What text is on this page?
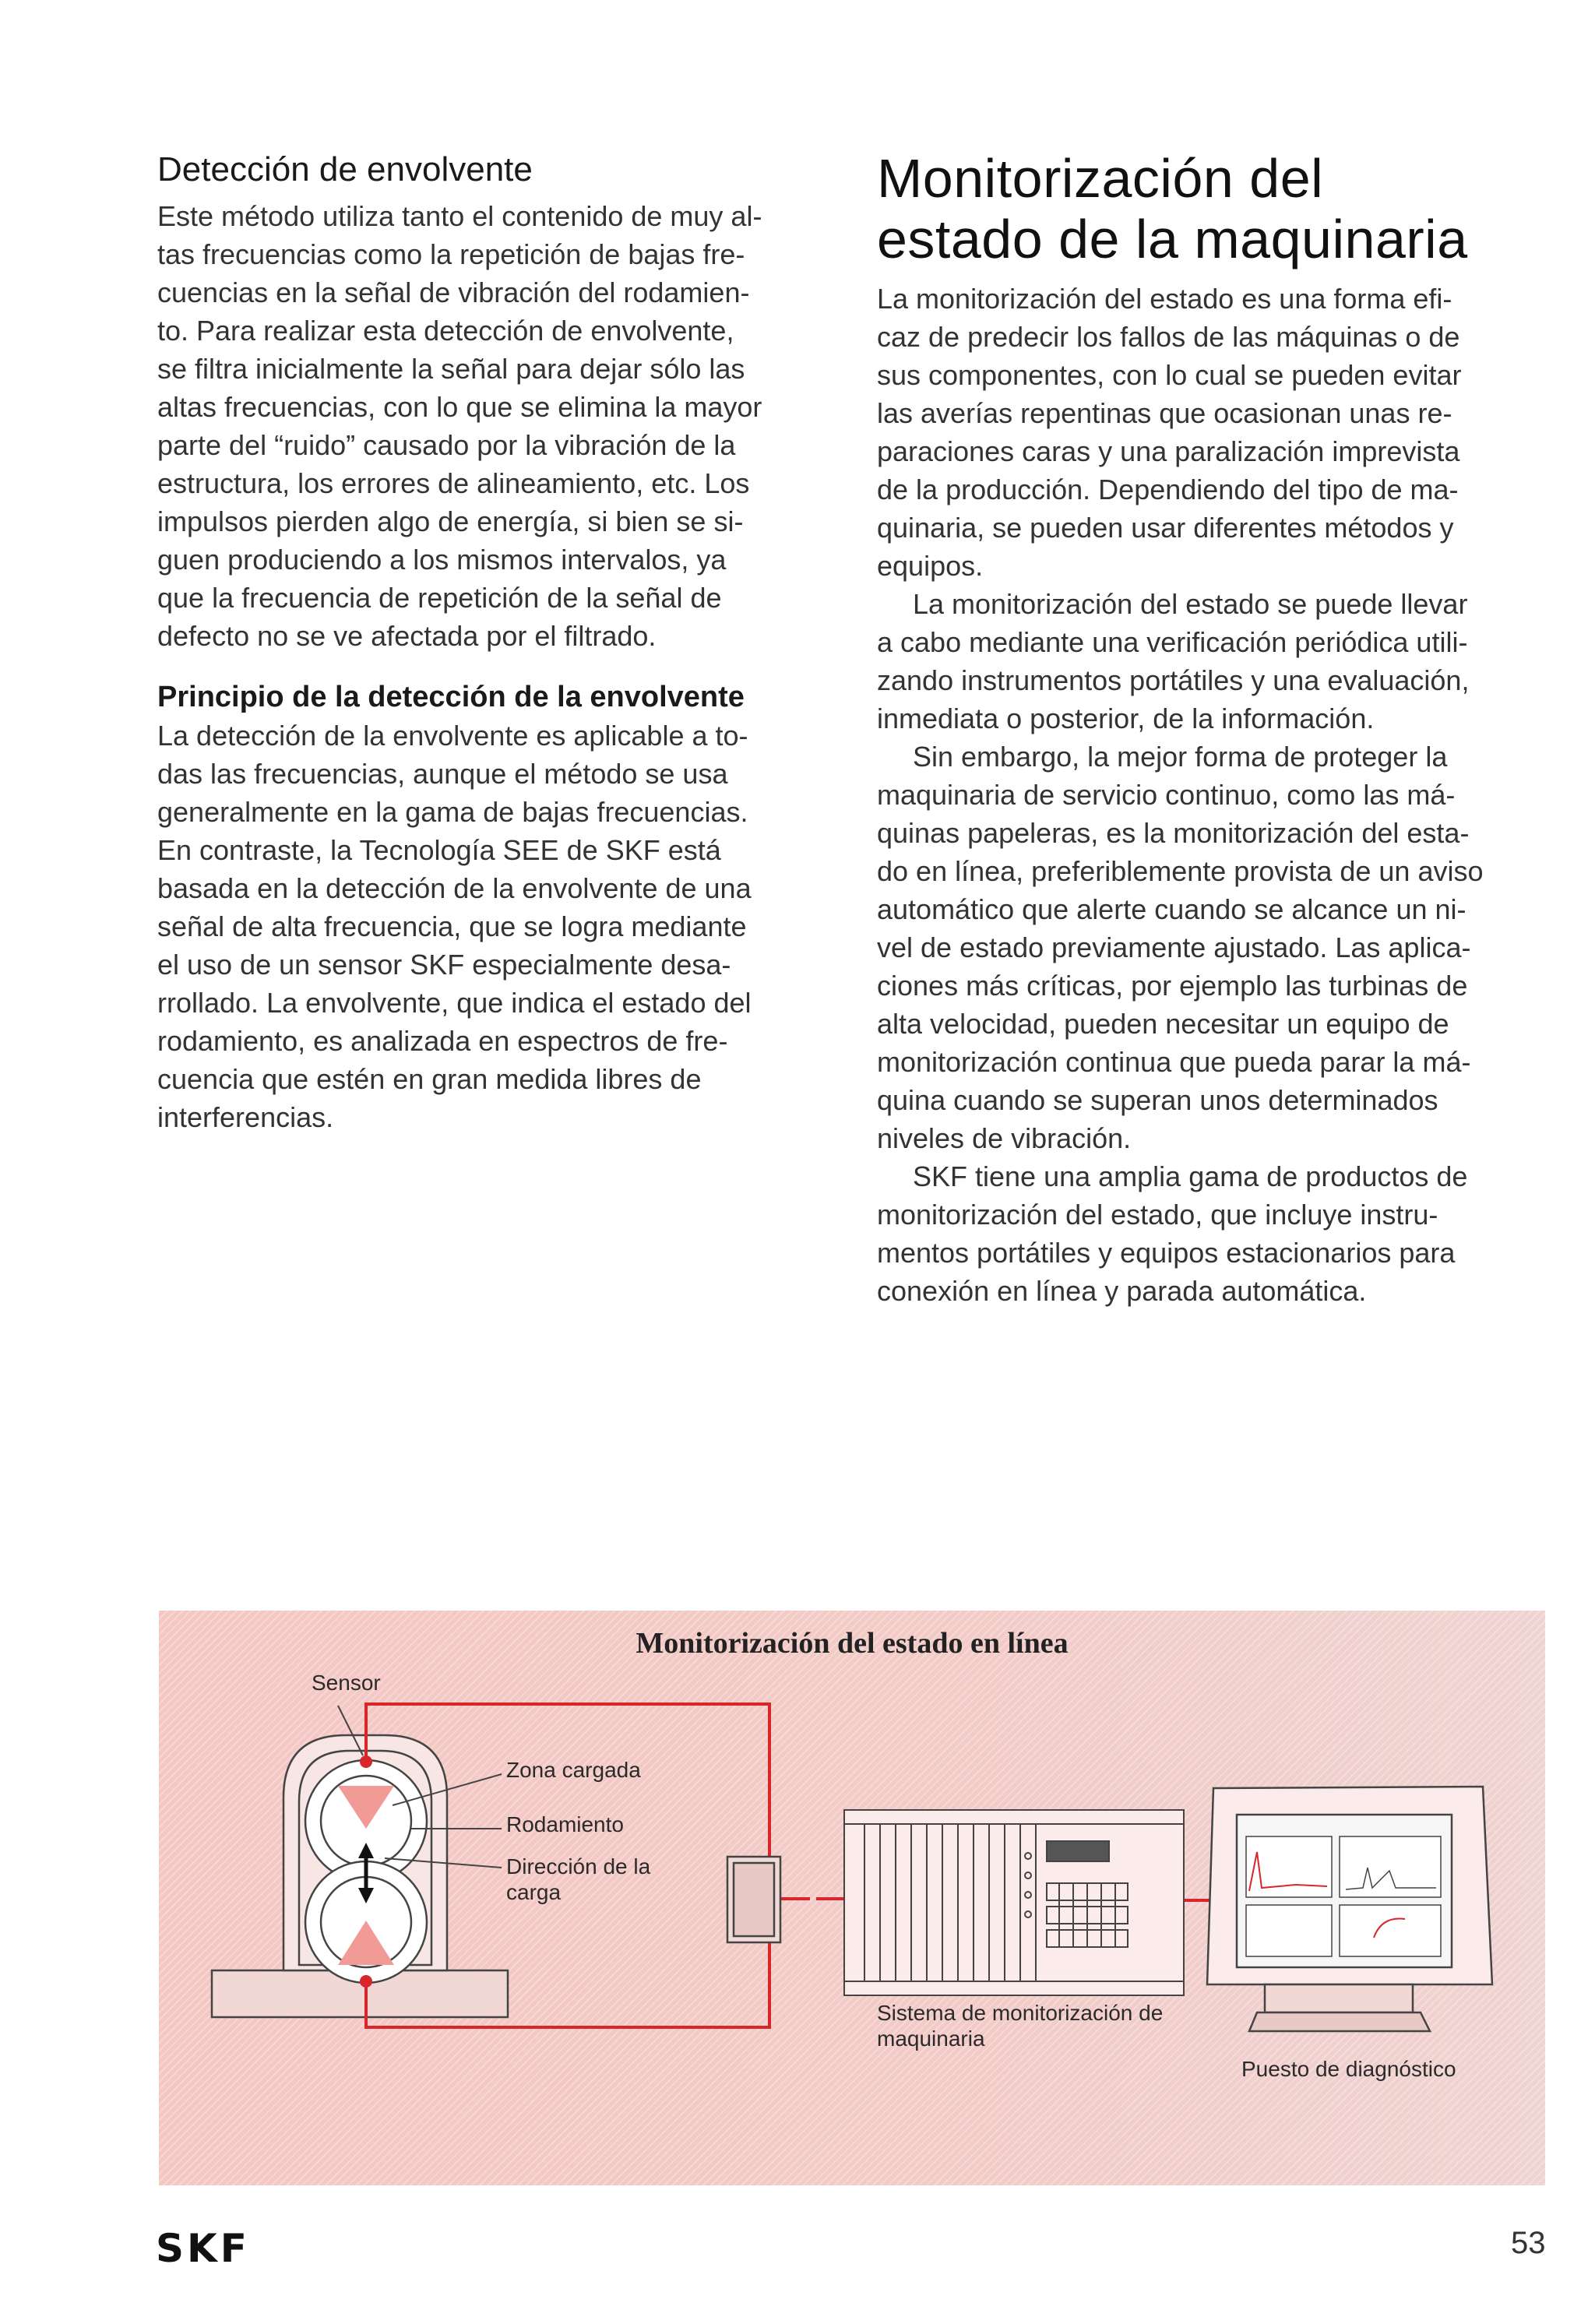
Detección de envolvente

Este método utiliza tanto el contenido de muy al-
tas frecuencias como la repetición de bajas fre-
cuencias en la señal de vibración del rodamien-
to. Para realizar esta detección de envolvente,
se filtra inicialmente la señal para dejar sólo las
altas frecuencias, con lo que se elimina la mayor
parte del “ruido” causado por la vibración de la
estructura, los errores de alineamiento, etc. Los
impulsos pierden algo de energía, si bien se si-
guen produciendo a los mismos intervalos, ya
que la frecuencia de repetición de la señal de
defecto no se ve afectada por el filtrado.

Principio de la detección de la envolvente

La detección de la envolvente es aplicable a to-
das las frecuencias, aunque el método se usa
generalmente en la gama de bajas frecuencias.
En contraste, la Tecnología SEE de SKF está
basada en la detección de la envolvente de una
señal de alta frecuencia, que se logra mediante
el uso de un sensor SKF especialmente desa-
rrollado. La envolvente, que indica el estado del
rodamiento, es analizada en espectros de fre-
cuencia que estén en gran medida libres de
interferencias.

Monitorización del
estado de la maquinaria

La monitorización del estado es una forma efi-
caz de predecir los fallos de las máquinas o de
sus componentes, con lo cual se pueden evitar
las averías repentinas que ocasionan unas re-
paraciones caras y una paralización imprevista
de la producción. Dependiendo del tipo de ma-
quinaria, se pueden usar diferentes métodos y
equipos.

La monitorización del estado se puede llevar
a cabo mediante una verificación periódica utili-
zando instrumentos portátiles y una evaluación,
inmediata o posterior, de la información.

Sin embargo, la mejor forma de proteger la
maquinaria de servicio continuo, como las má-
quinas papeleras, es la monitorización del esta-
do en línea, preferiblemente provista de un aviso
automático que alerte cuando se alcance un ni-
vel de estado previamente ajustado. Las aplica-
ciones más críticas, por ejemplo las turbinas de
alta velocidad, pueden necesitar un equipo de
monitorización continua que pueda parar la má-
quina cuando se superan unos determinados
niveles de vibración.

SKF tiene una amplia gama de productos de
monitorización del estado, que incluye instru-
mentos portátiles y equipos estacionarios para
conexión en línea y parada automática.

Monitorización del estado en línea
Sensor
Zona cargada
Rodamiento
Dirección de la
carga
Sistema de monitorización de
maquinaria
Puesto de diagnóstico
SKF	53
